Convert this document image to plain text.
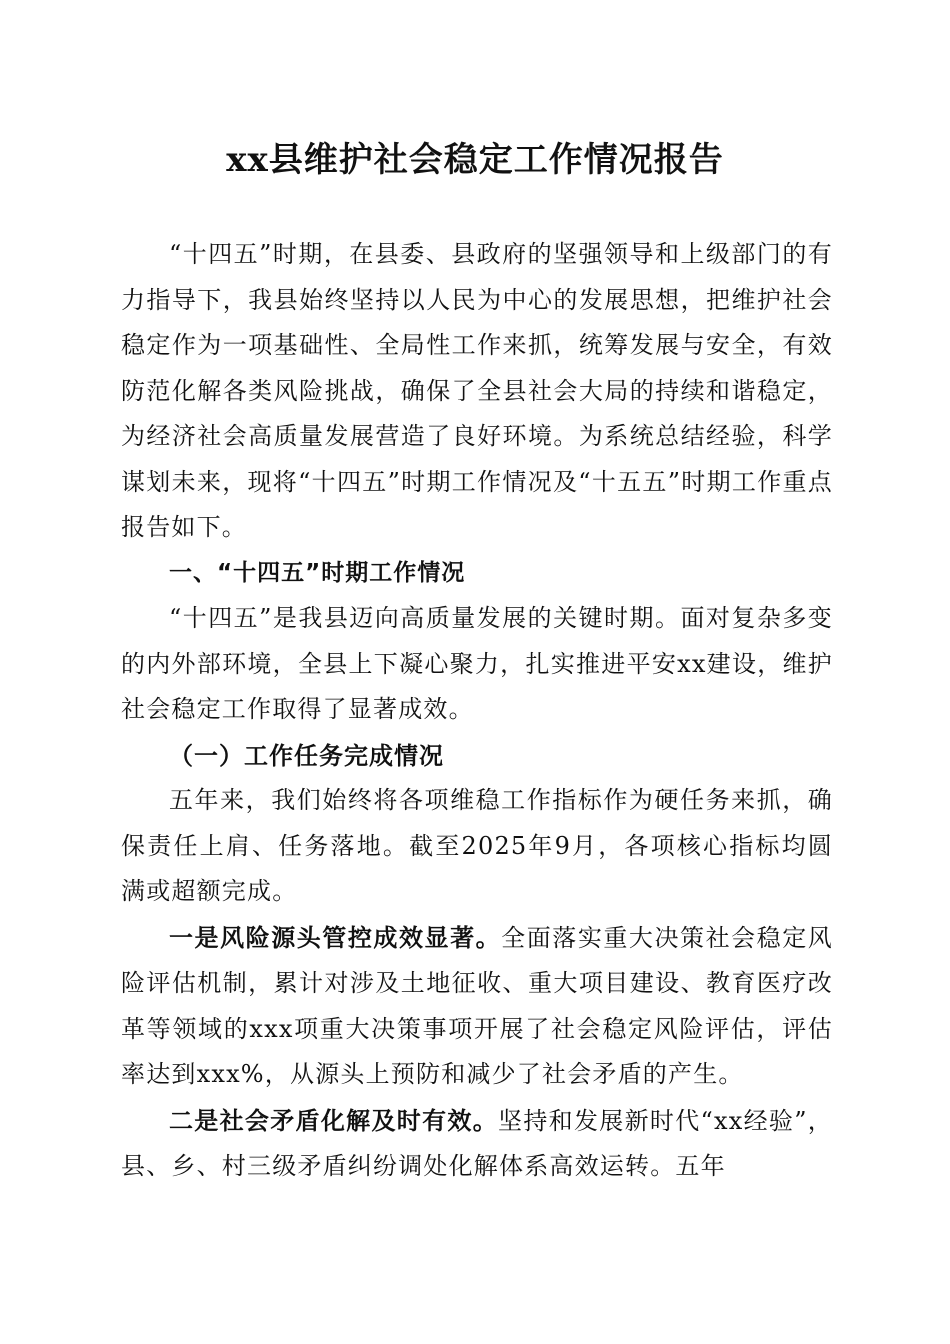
xx县维护社会稳定工作情况报告

“十四五”时期，在县委、县政府的坚强领导和上级部门的有力指导下，我县始终坚持以人民为中心的发展思想，把维护社会稳定作为一项基础性、全局性工作来抓，统筹发展与安全，有效防范化解各类风险挑战，确保了全县社会大局的持续和谐稳定，为经济社会高质量发展营造了良好环境。为系统总结经验，科学谋划未来，现将“十四五”时期工作情况及“十五五”时期工作重点报告如下。

一、“十四五”时期工作情况

“十四五”是我县迈向高质量发展的关键时期。面对复杂多变的内外部环境，全县上下凝心聚力，扎实推进平安xx建设，维护社会稳定工作取得了显著成效。

（一）工作任务完成情况

五年来，我们始终将各项维稳工作指标作为硬任务来抓，确保责任上肩、任务落地。截至2025年9月，各项核心指标均圆满或超额完成。

一是风险源头管控成效显著。全面落实重大决策社会稳定风险评估机制，累计对涉及土地征收、重大项目建设、教育医疗改革等领域的xxx项重大决策事项开展了社会稳定风险评估，评估率达到xxx%，从源头上预防和减少了社会矛盾的产生。

二是社会矛盾化解及时有效。坚持和发展新时代“xx经验”，县、乡、村三级矛盾纠纷调处化解体系高效运转。五年
